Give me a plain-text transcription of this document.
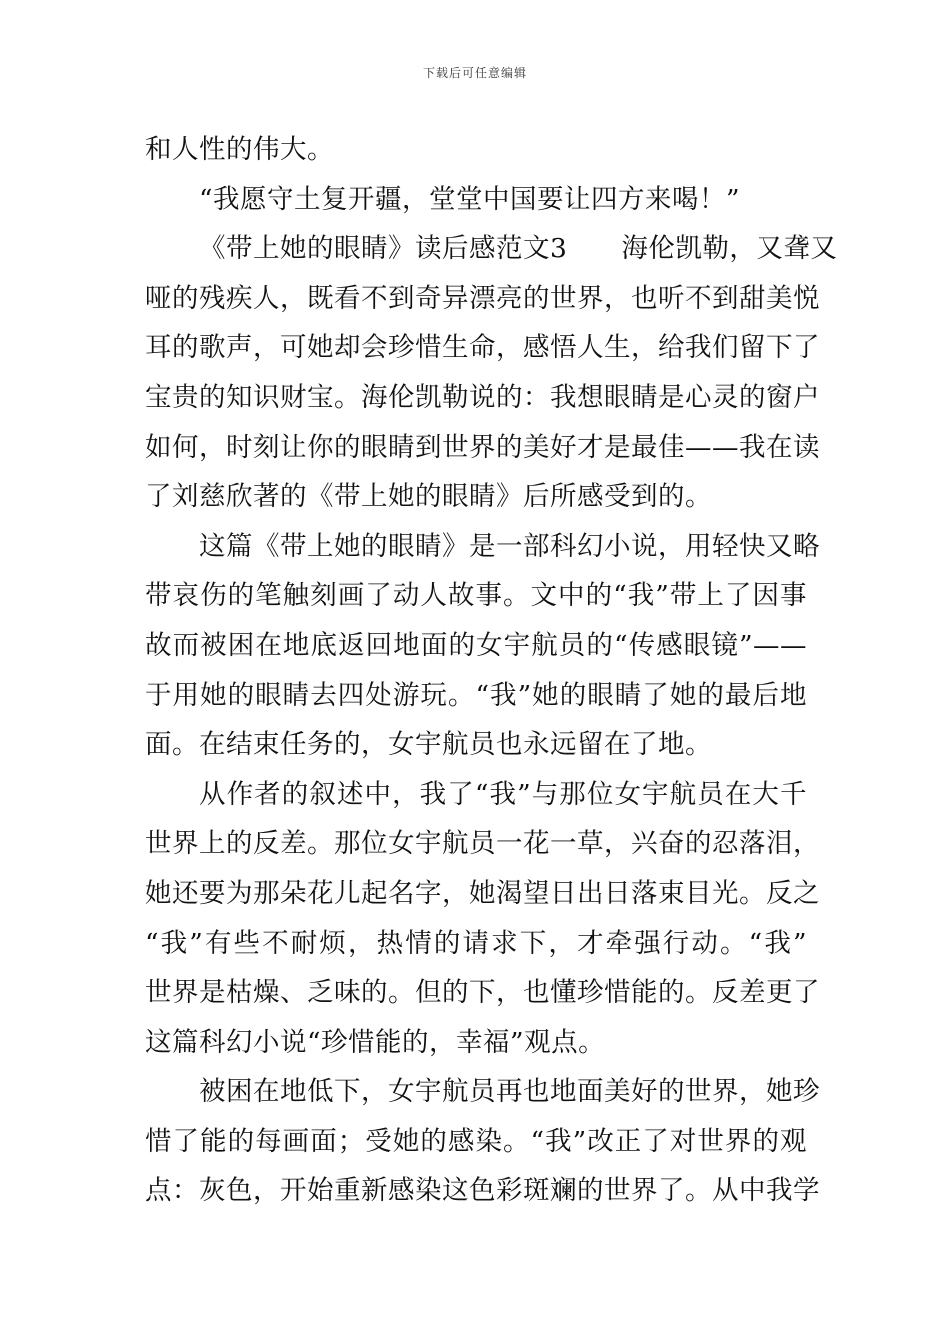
下载后可任意编辑
和人性的伟大。
“我愿守土复开疆，堂堂中国要让四方来喝！”
《带上她的眼睛》读后感范文3　　海伦凯勒，又聋又
哑的残疾人，既看不到奇异漂亮的世界，也听不到甜美悦
耳的歌声，可她却会珍惜生命，感悟人生，给我们留下了
宝贵的知识财宝。海伦凯勒说的：我想眼睛是心灵的窗户
如何，时刻让你的眼睛到世界的美好才是最佳——我在读
了刘慈欣著的《带上她的眼睛》后所感受到的。
这篇《带上她的眼睛》是一部科幻小说，用轻快又略
带哀伤的笔触刻画了动人故事。文中的“我”带上了因事
故而被困在地底返回地面的女宇航员的“传感眼镜”——
于用她的眼睛去四处游玩。“我”她的眼睛了她的最后地
面。在结束任务的，女宇航员也永远留在了地。
从作者的叙述中，我了“我”与那位女宇航员在大千
世界上的反差。那位女宇航员一花一草，兴奋的忍落泪，
她还要为那朵花儿起名字，她渴望日出日落束目光。反之
“我”有些不耐烦，热情的请求下，才牵强行动。“我”
世界是枯燥、乏味的。但的下，也懂珍惜能的。反差更了
这篇科幻小说“珍惜能的，幸福”观点。
被困在地低下，女宇航员再也地面美好的世界，她珍
惜了能的每画面；受她的感染。“我”改正了对世界的观
点：灰色，开始重新感染这色彩斑斓的世界了。从中我学
